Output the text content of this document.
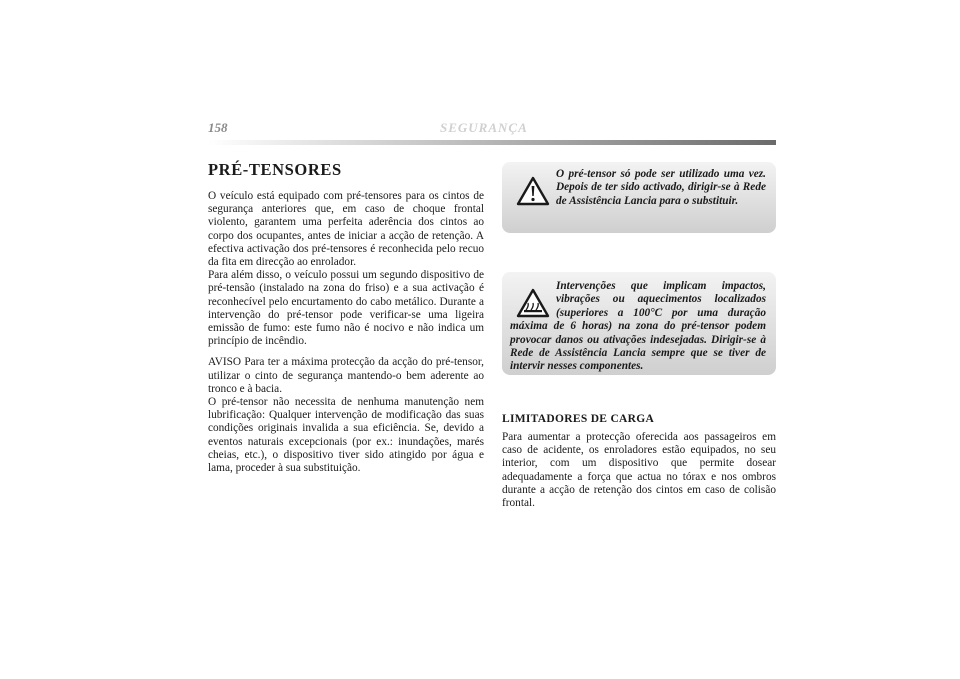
158	SEGURANÇA
PRÉ-TENSORES

O veículo está equipado com pré-tensores para os cintos de segurança anteriores que, em caso de choque frontal violento, garantem uma perfeita aderência dos cintos ao corpo dos ocupantes, antes de iniciar a acção de retenção. A efectiva activação dos pré-tensores é reconhecida pelo recuo da fita em direcção ao enrolador.

Para além disso, o veículo possui um segundo dispositivo de pré-tensão (instalado na zona do friso) e a sua activação é reconhecível pelo encurtamento do cabo metálico. Durante a intervenção do pré-tensor pode verificar-se uma ligeira emissão de fumo: este fumo não é nocivo e não indica um princípio de incêndio.

AVISO Para ter a máxima protecção da acção do pré-tensor, utilizar o cinto de segurança mantendo-o bem aderente ao tronco e à bacia.

O pré-tensor não necessita de nenhuma manutenção nem lubrificação: Qualquer intervenção de modificação das suas condições originais invalida a sua eficiência. Se, devido a eventos naturais excepcionais (por ex.: inundações, marés cheias, etc.), o dispositivo tiver sido atingido por água e lama, proceder à sua substituição.

O pré-tensor só pode ser utilizado uma vez. Depois de ter sido activado, dirigir-se à Rede de Assistência Lancia para o substituir.
Intervenções que implicam impactos, vibrações ou aquecimentos localizados (superiores a 100°C por uma duração máxima de 6 horas) na zona do pré-tensor podem provocar danos ou ativações indesejadas. Dirigir-se à Rede de Assistência Lancia sempre que se tiver de intervir nesses componentes.
LIMITADORES DE CARGA

Para aumentar a protecção oferecida aos passageiros em caso de acidente, os enroladores estão equipados, no seu interior, com um dispositivo que permite dosear adequadamente a força que actua no tórax e nos ombros durante a acção de retenção dos cintos em caso de colisão frontal.
